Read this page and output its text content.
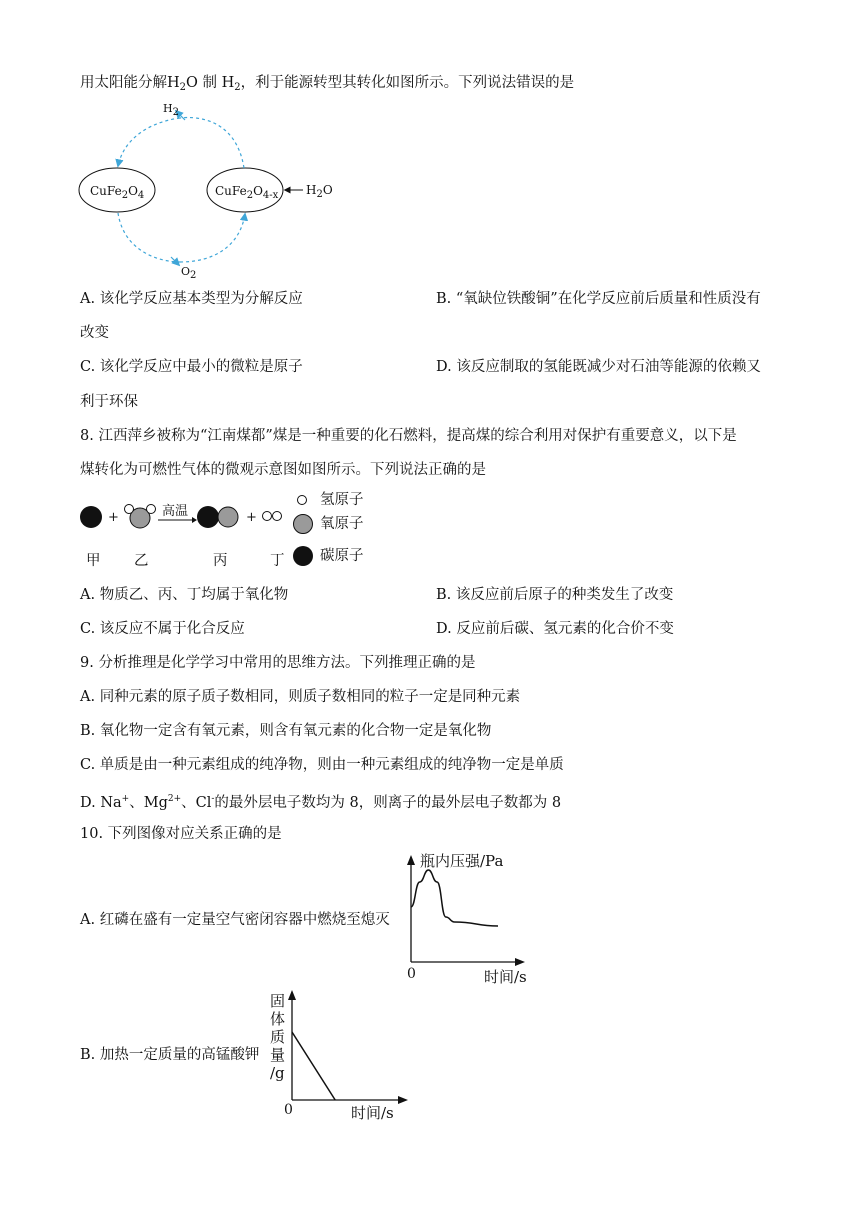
用太阳能分解$H_2O$ 制 $H_2$，利于能源转型其转化如图所示。下列说法错误的是
$CuFe_2O_4$	$CuFe_2O_{4-x}$
H2
O2
$H_2O$
A. 该化学反应基本类型为分解反应	B. “氧缺位铁酸铜”在化学反应前后质量和性质没有
改变
C. 该化学反应中最小的微粒是原子	D. 该反应制取的氢能既减少对石油等能源的依赖又
利于环保
8. 江西萍乡被称为“江南煤都”煤是一种重要的化石燃料，提高煤的综合利用对保护有重要意义，以下是
煤转化为可燃性气体的微观示意图如图所示。下列说法正确的是
+	高温	+
氢原子
氧原子
碳原子
甲 乙	丙	丁
A. 物质乙、丙、丁均属于氧化物	B. 该反应前后原子的种类发生了改变
C. 该反应不属于化合反应	D. 反应前后碳、氢元素的化合价不变
9. 分析推理是化学学习中常用的思维方法。下列推理正确的是
A. 同种元素的原子质子数相同，则质子数相同的粒子一定是同种元素
B. 氧化物一定含有氧元素，则含有氧元素的化合物一定是氧化物
C. 单质是由一种元素组成的纯净物，则由一种元素组成的纯净物一定是单质
D. Na+、$Mg^{2+}$、Cl-的最外层电子数均为 8，则离子的最外层电子数都为 8
10. 下列图像对应关系正确的是
A. 红磷在盛有一定量空气密闭容器中燃烧至熄灭
B. 加热一定质量的高锰酸钾
瓶内压强/Pa
时间/s
0
固
体
质
量
/g
时间/s
0
